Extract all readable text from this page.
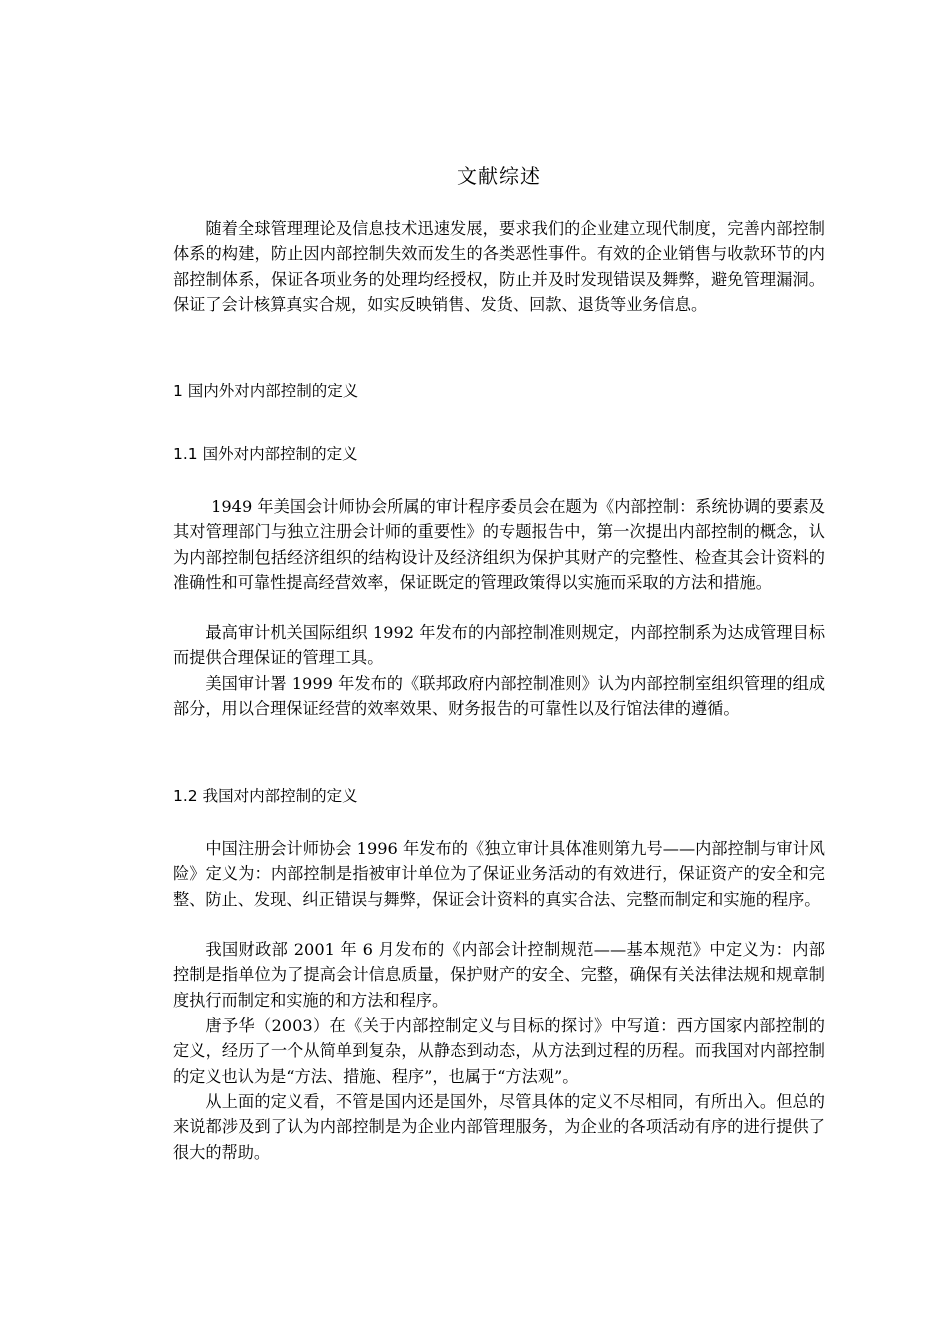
文献综述

随着全球管理理论及信息技术迅速发展，要求我们的企业建立现代制度，完善内部控制体系的构建，防止因内部控制失效而发生的各类恶性事件。有效的企业销售与收款环节的内部控制体系，保证各项业务的处理均经授权，防止并及时发现错误及舞弊，避免管理漏洞。保证了会计核算真实合规，如实反映销售、发货、回款、退货等业务信息。

1 国内外对内部控制的定义

1.1 国外对内部控制的定义

1949 年美国会计师协会所属的审计程序委员会在题为《内部控制：系统协调的要素及其对管理部门与独立注册会计师的重要性》的专题报告中，第一次提出内部控制的概念，认为内部控制包括经济组织的结构设计及经济组织为保护其财产的完整性、检查其会计资料的准确性和可靠性提高经营效率，保证既定的管理政策得以实施而采取的方法和措施。

最高审计机关国际组织 1992 年发布的内部控制准则规定，内部控制系为达成管理目标而提供合理保证的管理工具。

美国审计署 1999 年发布的《联邦政府内部控制准则》认为内部控制室组织管理的组成部分，用以合理保证经营的效率效果、财务报告的可靠性以及行馆法律的遵循。

1.2 我国对内部控制的定义

中国注册会计师协会 1996 年发布的《独立审计具体准则第九号——内部控制与审计风险》定义为：内部控制是指被审计单位为了保证业务活动的有效进行，保证资产的安全和完整、防止、发现、纠正错误与舞弊，保证会计资料的真实合法、完整而制定和实施的程序。

我国财政部 2001 年 6 月发布的《内部会计控制规范——基本规范》中定义为：内部控制是指单位为了提高会计信息质量，保护财产的安全、完整，确保有关法律法规和规章制度执行而制定和实施的和方法和程序。

唐予华（2003）在《关于内部控制定义与目标的探讨》中写道：西方国家内部控制的定义，经历了一个从简单到复杂，从静态到动态，从方法到过程的历程。而我国对内部控制的定义也认为是“方法、措施、程序”，也属于“方法观”。

从上面的定义看，不管是国内还是国外，尽管具体的定义不尽相同，有所出入。但总的来说都涉及到了认为内部控制是为企业内部管理服务，为企业的各项活动有序的进行提供了很大的帮助。
